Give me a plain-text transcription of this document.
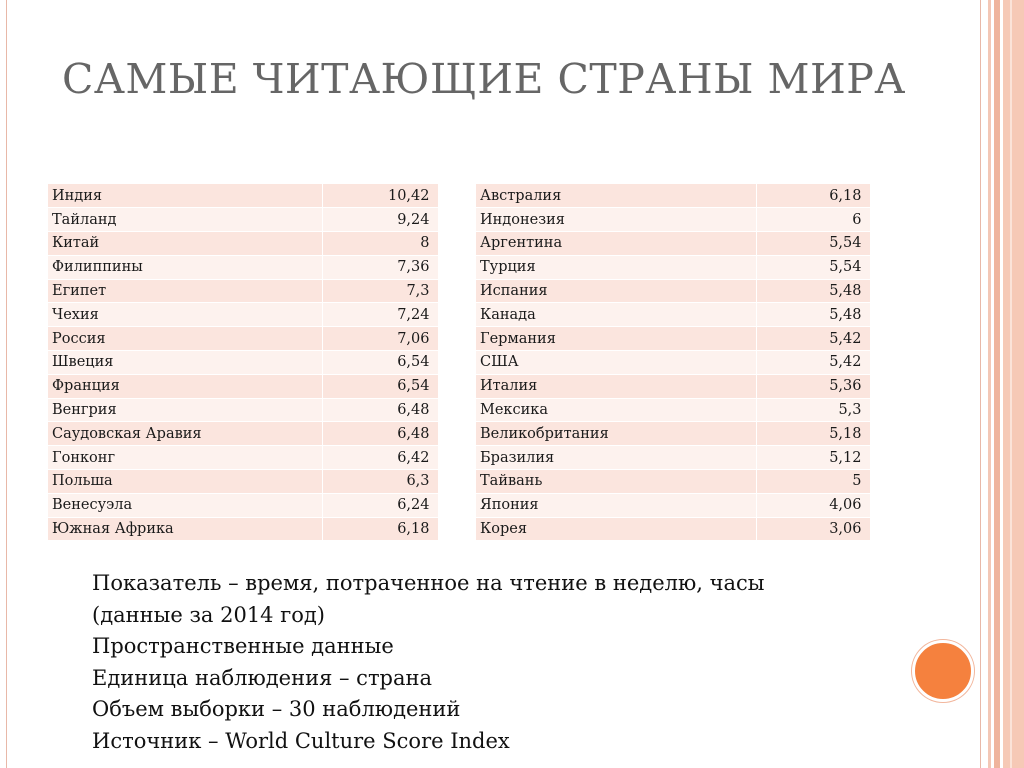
САМЫЕ ЧИТАЮЩИЕ СТРАНЫ МИРА
Индия	10,42
Тайланд	9,24
Китай	8
Филиппины	7,36
Египет	7,3
Чехия	7,24
Россия	7,06
Швеция	6,54
Франция	6,54
Венгрия	6,48
Саудовская Аравия	6,48
Гонконг	6,42
Польша	6,3
Венесуэла	6,24
Южная Африка	6,18
Австралия	6,18
Индонезия	6
Аргентина	5,54
Турция	5,54
Испания	5,48
Канада	5,48
Германия	5,42
США	5,42
Италия	5,36
Мексика	5,3
Великобритания	5,18
Бразилия	5,12
Тайвань	5
Япония	4,06
Корея	3,06
Показатель – время, потраченное на чтение в неделю, часы
(данные за 2014 год)
Пространственные данные
Единица наблюдения – страна
Объем выборки – 30 наблюдений
Источник – World Culture Score Index
